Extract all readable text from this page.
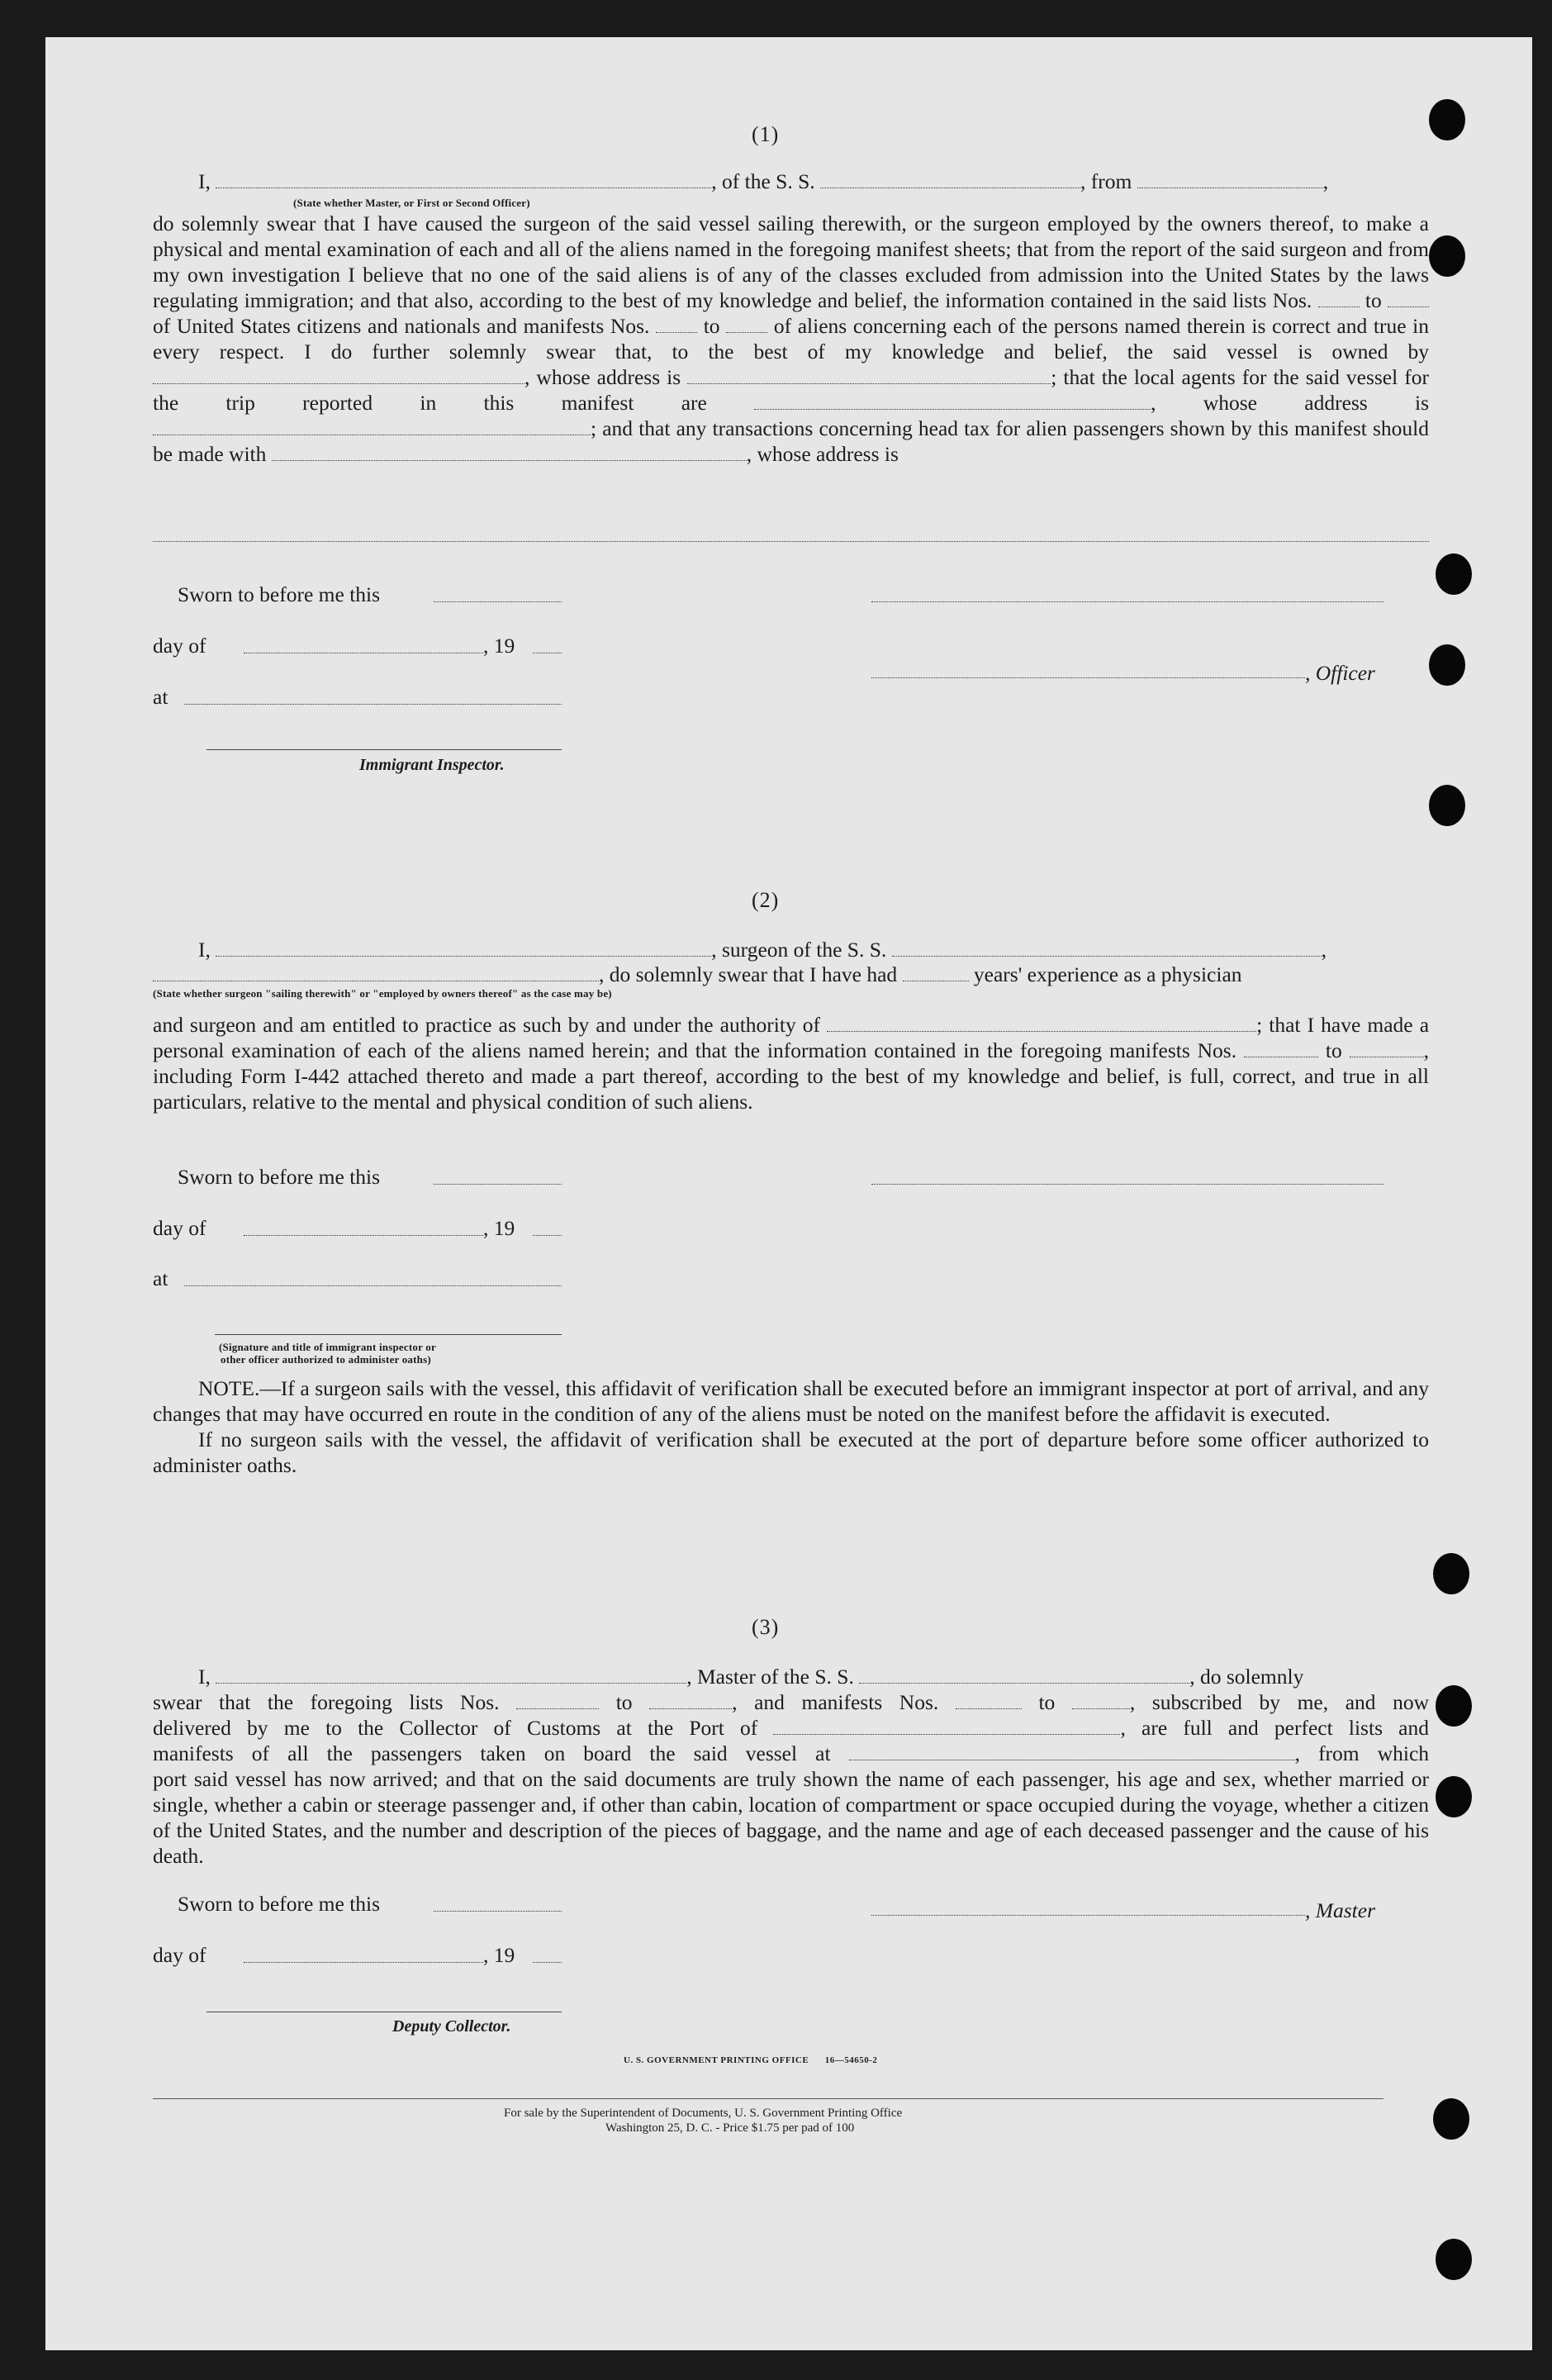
(1)
I,	, of the S. S.	, from	,
(State whether Master, or First or Second Officer)

do solemnly swear that I have caused the surgeon of the said vessel sailing therewith, or the surgeon employed by the owners thereof, to make a physical and mental examination of each and all of the aliens named in the foregoing manifest sheets; that from the report of the said surgeon and from my own investigation I believe that no one of the said aliens is of any of the classes excluded from admission into the United States by the laws regulating immigration; and that also, according to the best of my knowledge and belief, the information contained in the said lists Nos.	to  of United States citizens and nationals and manifests Nos.	to	of aliens concerning each of the persons named therein is correct and true in every respect. I do further solemnly swear that, to the best of my knowledge and belief, the said vessel is owned by , whose address is	; that the local agents for the said vessel for the trip reported in this manifest are	, whose address is ; and that any transactions concerning head tax for alien passengers shown by this manifest should be made with	, whose address is

Sworn to before me this
day of	, 19
, Officer
at
Immigrant Inspector.
(2)
I,	, surgeon of the S. S.	,
, do solemnly swear that I have had	years' experience as a physician
(State whether surgeon "sailing therewith" or "employed by owners thereof" as the case may be)

and surgeon and am entitled to practice as such by and under the authority of	; that I have made a personal examination of each of the aliens named herein; and that the information contained in the foregoing manifests Nos.	to	, including Form I-442 attached thereto and made a part thereof, according to the best of my knowledge and belief, is full, correct, and true in all particulars, relative to the mental and physical condition of such aliens.

Sworn to before me this
day of	, 19
at
(Signature and title of immigrant inspector or
other officer authorized to administer oaths)

NOTE.—If a surgeon sails with the vessel, this affidavit of verification shall be executed before an immigrant inspector at port of arrival, and any changes that may have occurred en route in the condition of any of the aliens must be noted on the manifest before the affidavit is executed.

If no surgeon sails with the vessel, the affidavit of verification shall be executed at the port of departure before some officer authorized to administer oaths.

(3)
I,	, Master of the S. S.	, do solemnly

swear that the foregoing lists Nos.	to	, and manifests Nos.	to	, subscribed by me, and now

delivered by me to the Collector of Customs at the Port of	, are full and perfect lists and

manifests of all the passengers taken on board the said vessel at	, from which

port said vessel has now arrived; and that on the said documents are truly shown the name of each passenger, his age and sex, whether married or single, whether a cabin or steerage passenger and, if other than cabin, location of compartment or space occupied during the voyage, whether a citizen of the United States, and the number and description of the pieces of baggage, and the name and age of each deceased passenger and the cause of his death.

Sworn to before me this	, Master
day of	, 19
Deputy Collector.
U. S. GOVERNMENT PRINTING OFFICE      16—54650-2
For sale by the Superintendent of Documents, U. S. Government Printing Office
Washington 25, D. C. - Price $1.75 per pad of 100
